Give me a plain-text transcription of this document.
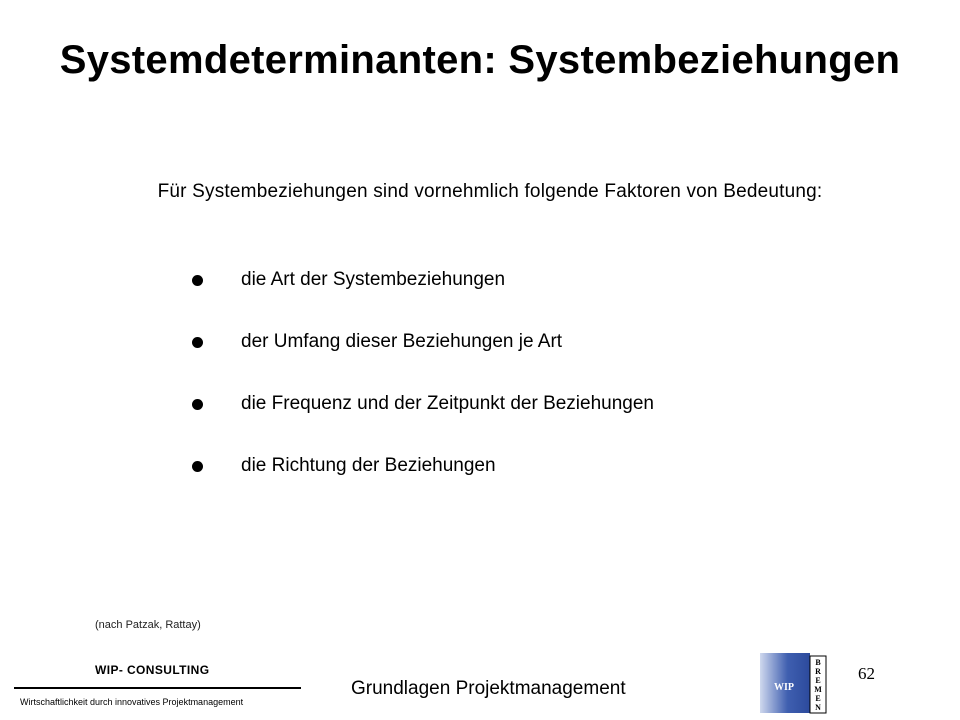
Systemdeterminanten: Systembeziehungen
Für Systembeziehungen sind vornehmlich folgende Faktoren von Bedeutung:
die Art der Systembeziehungen
der Umfang dieser Beziehungen je Art
die Frequenz und der Zeitpunkt der Beziehungen
die Richtung der Beziehungen
(nach Patzak, Rattay)
WIP- CONSULTING
Wirtschaftlichkeit durch innovatives Projektmanagement
Grundlagen Projektmanagement
62
WIP
B
R
E
M
E
N
